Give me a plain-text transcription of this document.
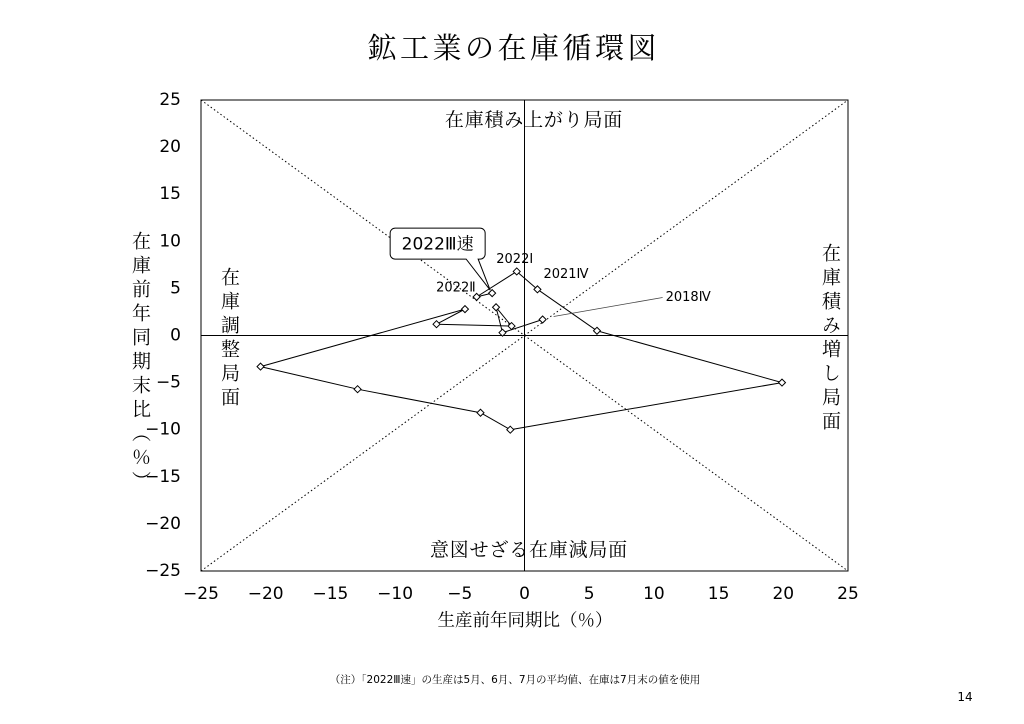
−25 −20 −15 −10 −5	0	5	10	15	20	25
25
20
15
10
5
0
−5
−10
−15
−20
−25
2018Ⅳ
2021Ⅳ
2022Ⅰ
2022Ⅱ
2022Ⅲ速
鉱工業の在庫循環図
在庫前年同期末比（％）
生産前年同期比（％）
在庫積み上がり局面
意図せざる在庫減局面
在庫調整局面	在庫積み増し局面
（注）「2022Ⅲ速」の生産は5月、6月、7月の平均値、在庫は7月末の値を使用
14
